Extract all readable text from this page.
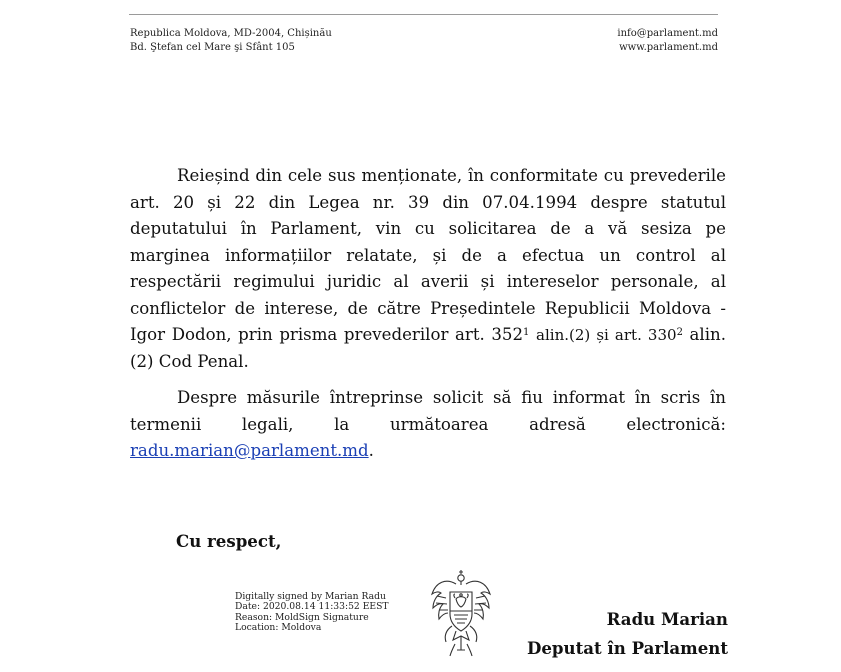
Republica Moldova, MD-2004, Chișinău
Bd. Ştefan cel Mare şi Sfânt 105
info@parlament.md
www.parlament.md

Reieșind din cele sus menționate, în conformitate cu prevederile art. 20 și 22 din Legea nr. 39 din 07.04.1994 despre statutul deputatului în Parlament, vin cu solicitarea de a vă sesiza pe marginea informațiilor relatate, și de a efectua un control al respectării regimului juridic al averii și intereselor personale, al conflictelor de interese, de către Președintele Republicii Moldova - Igor Dodon, prin prisma prevederilor art. $352^1$ alin.(2) și art. $330^2$ alin.(2) Cod Penal.

Despre măsurile întreprinse solicit să fiu informat în scris în termenii legali, la următoarea adresă electronică: radu.marian@parlament.md.

Cu respect,
Digitally signed by Marian Radu
Date: 2020.08.14 11:33:52 EEST
Reason: MoldSign Signature
Location: Moldova	Radu Marian
Deputat în Parlament
